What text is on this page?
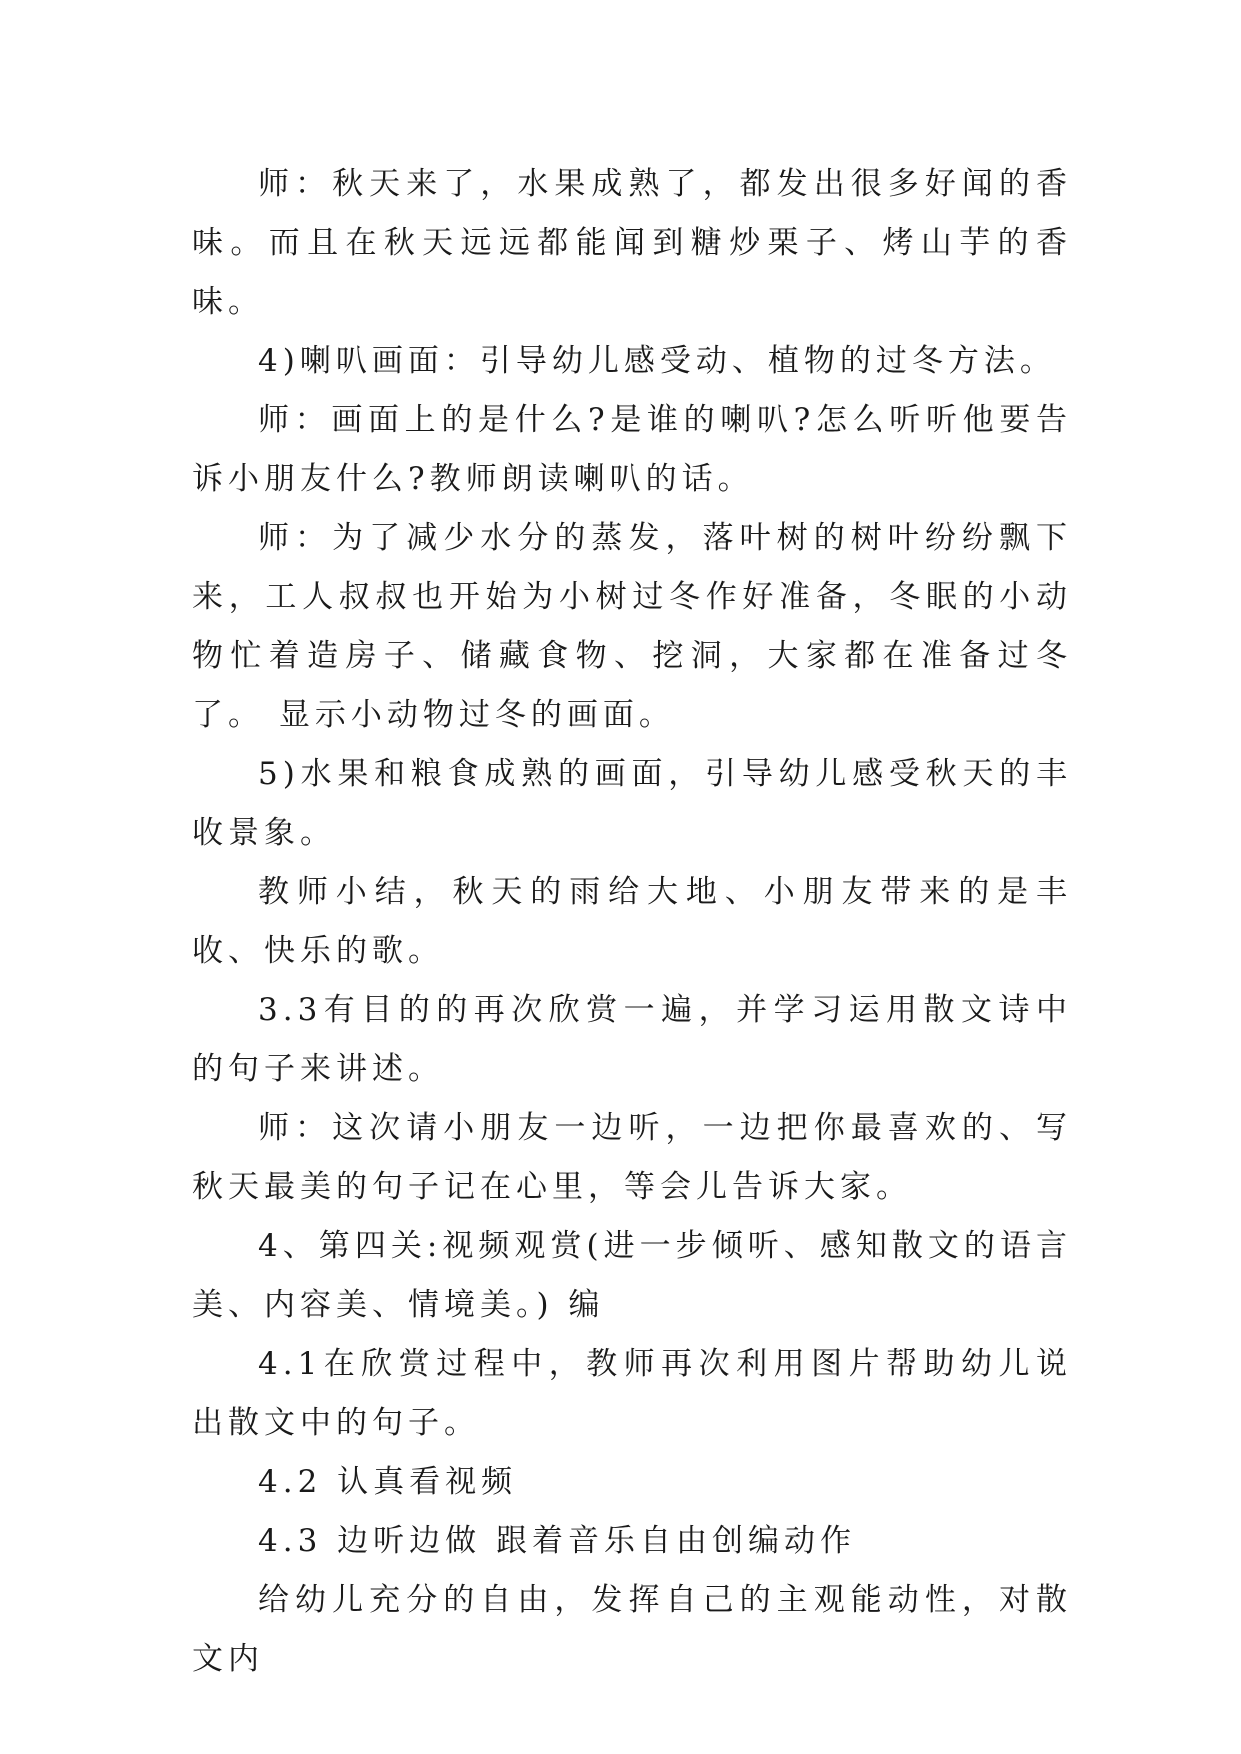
师：秋天来了，水果成熟了，都发出很多好闻的香味。而且在秋天远远都能闻到糖炒栗子、烤山芋的香味。

4)喇叭画面：引导幼儿感受动、植物的过冬方法。

师：画面上的是什么?是谁的喇叭?怎么听听他要告诉小朋友什么?教师朗读喇叭的话。

师：为了减少水分的蒸发，落叶树的树叶纷纷飘下来，工人叔叔也开始为小树过冬作好准备，冬眠的小动物忙着造房子、储藏食物、挖洞，大家都在准备过冬了。 显示小动物过冬的画面。

5)水果和粮食成熟的画面，引导幼儿感受秋天的丰收景象。

教师小结，秋天的雨给大地、小朋友带来的是丰收、快乐的歌。

3.3有目的的再次欣赏一遍，并学习运用散文诗中的句子来讲述。

师：这次请小朋友一边听，一边把你最喜欢的、写秋天最美的句子记在心里，等会儿告诉大家。

4、第四关:视频观赏(进一步倾听、感知散文的语言美、内容美、情境美。) 编

4.1在欣赏过程中，教师再次利用图片帮助幼儿说出散文中的句子。

4.2 认真看视频

4.3 边听边做 跟着音乐自由创编动作

给幼儿充分的自由，发挥自己的主观能动性，对散文内
